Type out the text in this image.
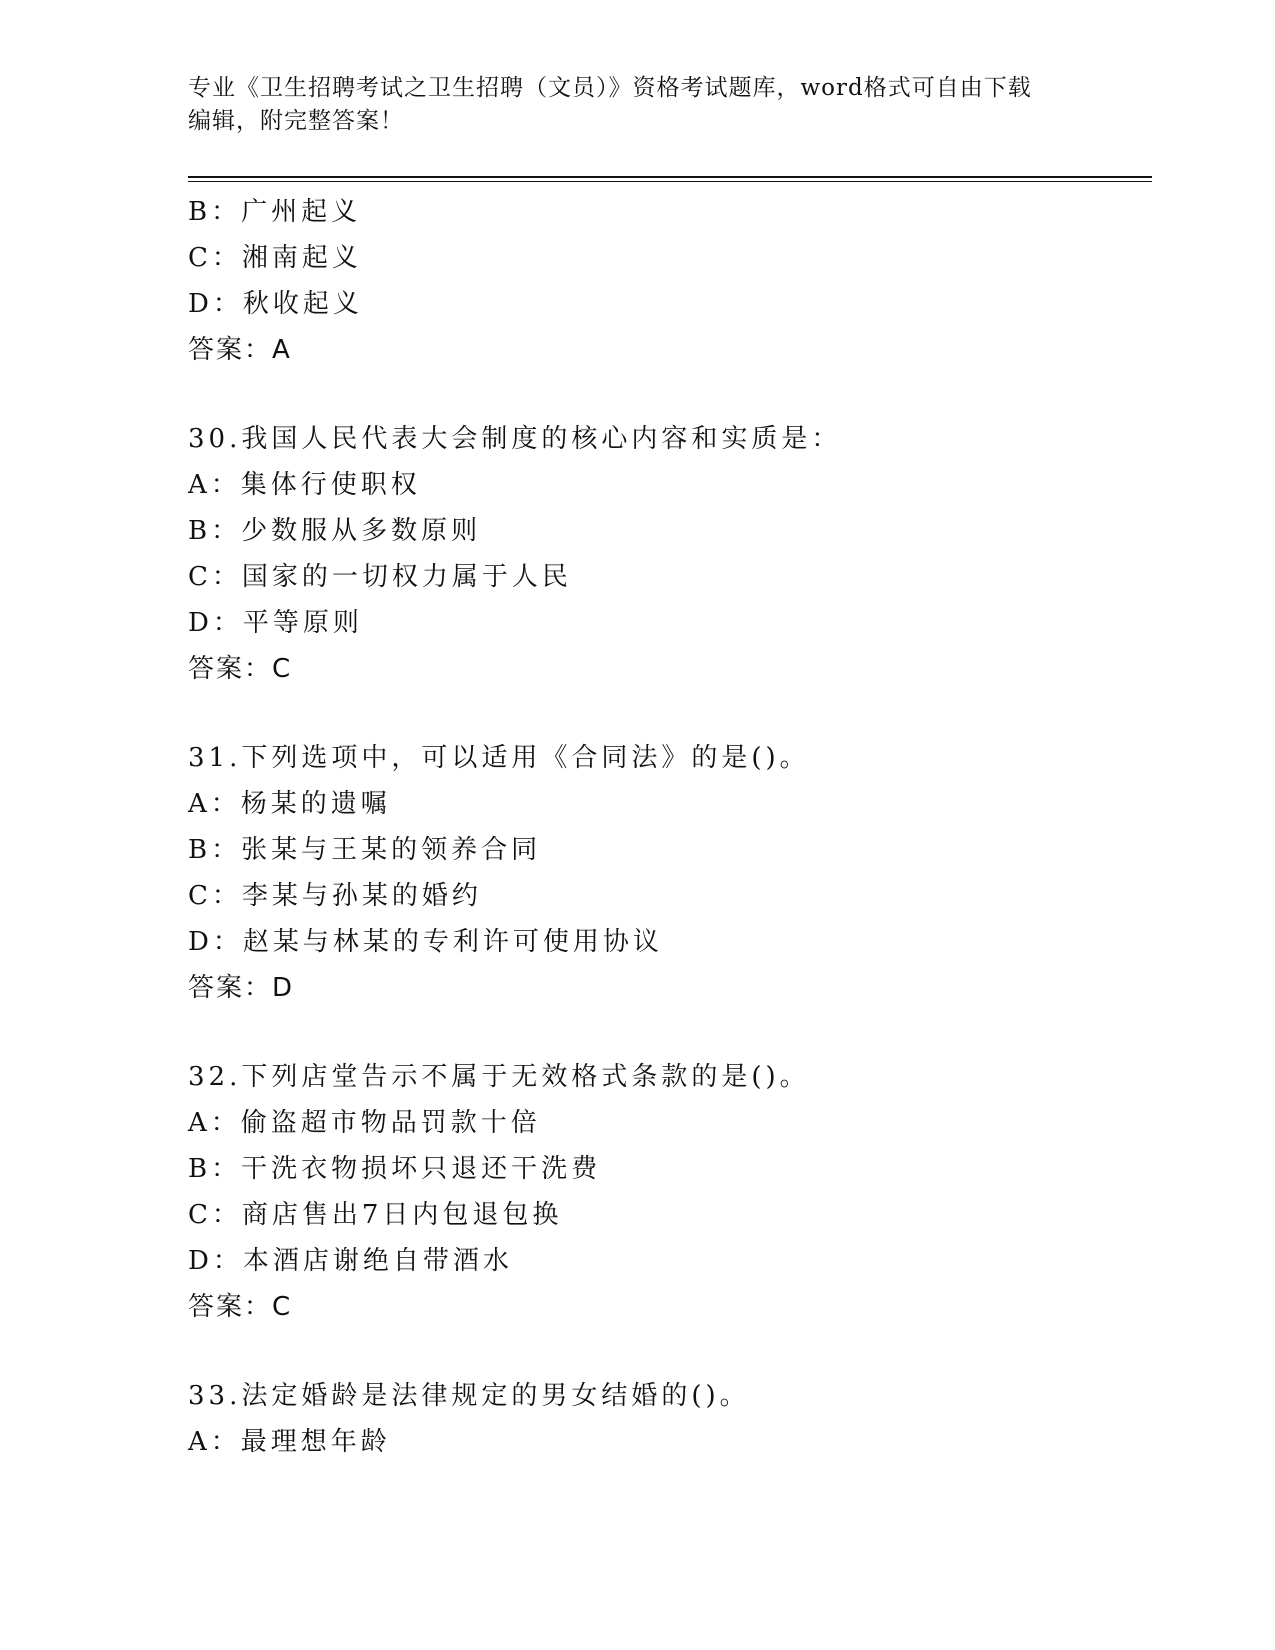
专业《卫生招聘考试之卫生招聘（文员）》资格考试题库，word格式可自由下载
编辑，附完整答案！
B：广州起义
C：湘南起义
D：秋收起义
答案：A
30.我国人民代表大会制度的核心内容和实质是：
A：集体行使职权
B：少数服从多数原则
C：国家的一切权力属于人民
D：平等原则
答案：C
31.下列选项中，可以适用《合同法》的是()。
A：杨某的遗嘱
B：张某与王某的领养合同
C：李某与孙某的婚约
D：赵某与林某的专利许可使用协议
答案：D
32.下列店堂告示不属于无效格式条款的是()。
A：偷盗超市物品罚款十倍
B：干洗衣物损坏只退还干洗费
C：商店售出7日内包退包换
D：本酒店谢绝自带酒水
答案：C
33.法定婚龄是法律规定的男女结婚的()。
A：最理想年龄
